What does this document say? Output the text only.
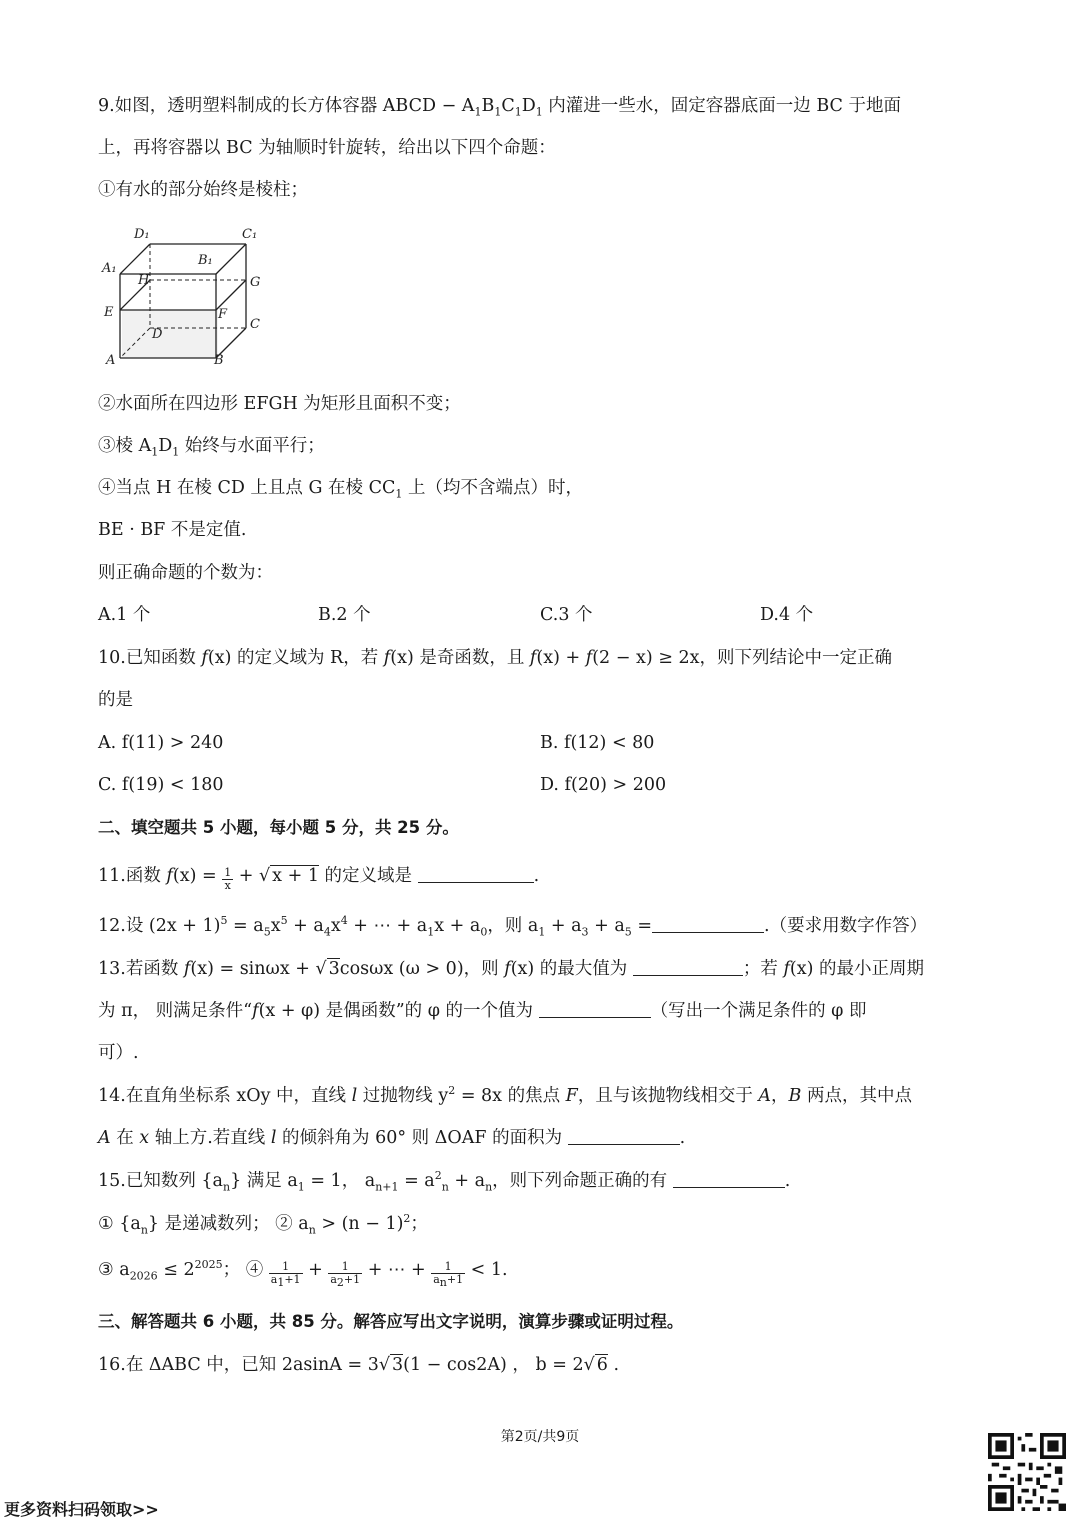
9.如图，透明塑料制成的长方体容器 ABCD − $A_1B_1C_1D_1$ 内灌进一些水，固定容器底面一边 BC 于地面
上，再将容器以 BC 为轴顺时针旋转，给出以下四个命题：
①有水的部分始终是棱柱；
D₁	C₁
B₁
A₁
H	G
E	F
C
D
A	B
②水面所在四边形 EFGH 为矩形且面积不变；
③棱 $A_1D_1$ 始终与水面平行；
④当点 H 在棱 CD 上且点 G 在棱 $CC_1$ 上（均不含端点）时，
BE · BF 不是定值.
则正确命题的个数为：
A.1 个	B.2 个	C.3 个	D.4 个
10.已知函数 f(x) 的定义域为 R，若 f(x) 是奇函数，且 f(x) + f(2 − x) ≥ 2x，则下列结论中一定正确
的是
A. f(11) > 240	B. f(12) < 80
C. f(19) < 180	D. f(20) > 200
二、填空题共 5 小题，每小题 5 分，共 25 分。
11.函数 $f(x) = \frac{1}{x}$ + √ x + 1 的定义域是	.
12.设 $(2x + 1)^5 = a_5x^5 + a_4x^4$ + ⋯ + $a_1x + a_0$，则 $a_1 + a_3 + a_5$ =	.（要求用数字作答）
13.若函数 f(x) = sinωx + √ 3cosωx (ω > 0)，则 f(x) 的最大值为	；若 f(x) 的最小正周期
为 π， 则满足条件“f(x + φ) 是偶函数”的 φ 的一个值为	（写出一个满足条件的 φ 即
可）.
14.在直角坐标系 xOy 中，直线 l 过抛物线 $y^2 = 8x$ 的焦点 F，且与该抛物线相交于 A，B 两点，其中点
A 在 x 轴上方.若直线 l 的倾斜角为 60° 则 ΔOAF 的面积为	.
15.已知数列 $\{a_n\}$ 满足 $a_1 = 1$， $a_{n+1} = a^2_n + a_n$，则下列命题正确的有	.
① $\{a_n\}$ 是递减数列； ② $a_n > (n - 1)^2$；
③ $a_{2026} \le 2^{2025}$； ④ $\frac{1}{a_1+1} + \frac{1}{a_2+1}$ + ⋯ + $\frac{1}{a_n+1} < 1$.
三、解答题共 6 小题，共 85 分。解答应写出文字说明，演算步骤或证明过程。
16.在 ΔABC 中，已知 2asinA = 3√ 3(1 − cos2A) ， b = 2√ 6 .
第2页/共9页
更多资料扫码领取>>
